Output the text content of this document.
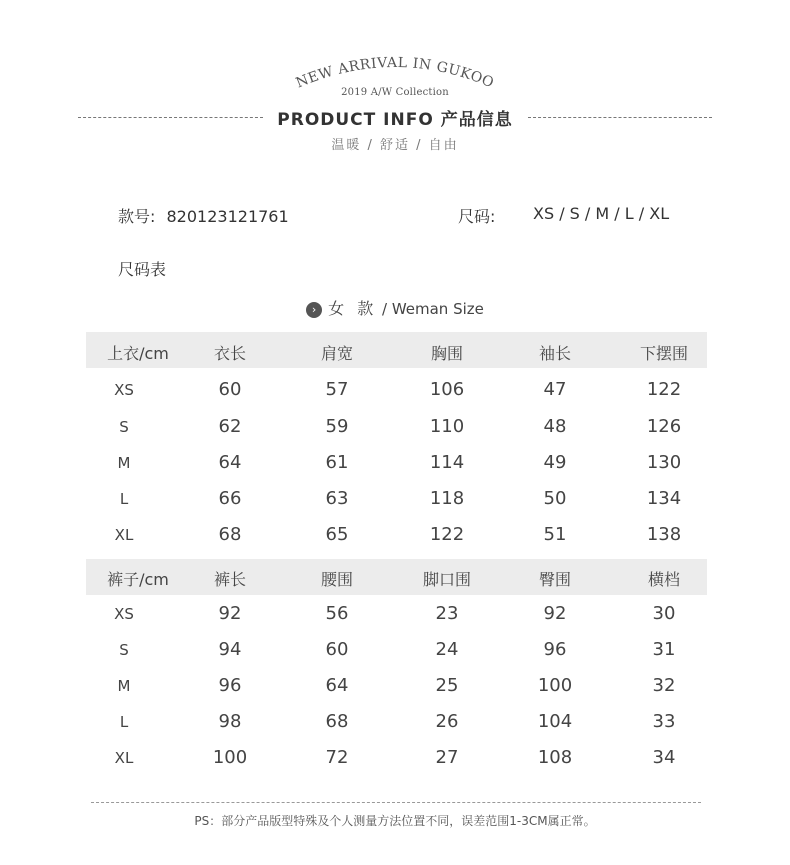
NEW ARRIVAL IN GUKOO
2019 A/W Collection
PRODUCT INFO 产品信息
温暖 / 舒适 / 自由
款号: 820123121761	尺码: XS / S / M / L / XL
尺码表
› 女 款 / Weman Size
上衣/cm	衣长	肩宽	胸围	袖长	下摆围
XS	60	57	106	47	122
S	62	59	110	48	126
M	64	61	114	49	130
L	66	63	118	50	134
XL	68	65	122	51	138
裤子/cm	裤长	腰围	脚口围	臀围	横档
XS	92	56	23	92	30
S	94	60	24	96	31
M	96	64	25	100	32
L	98	68	26	104	33
XL	100	72	27	108	34
PS：部分产品版型特殊及个人测量方法位置不同，误差范围1-3CM属正常。
